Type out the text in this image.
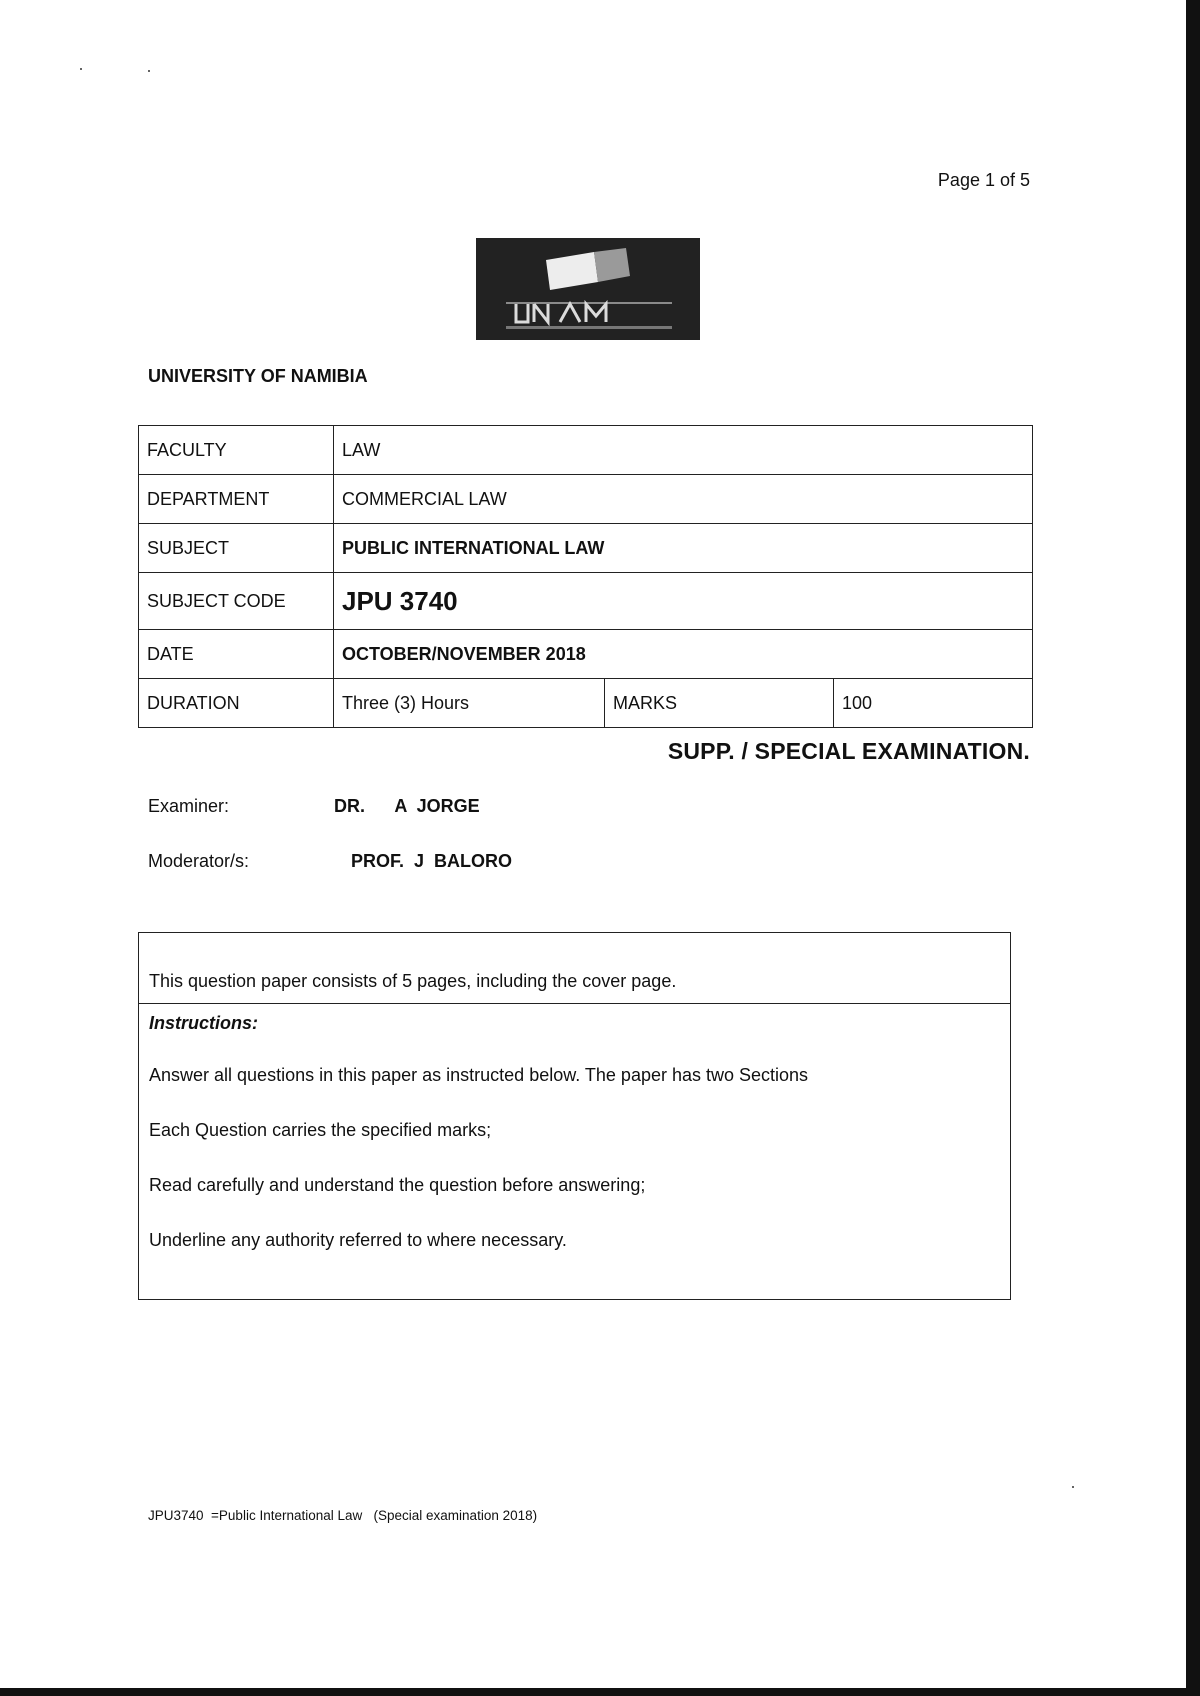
Page 1 of 5
UNIVERSITY OF NAMIBIA
FACULTY	LAW		
DEPARTMENT	COMMERCIAL LAW		
SUBJECT	PUBLIC INTERNATIONAL LAW		
SUBJECT CODE	JPU 3740		
DATE	OCTOBER/NOVEMBER 2018		
DURATION	Three (3) Hours	MARKS	100
SUPP. / SPECIAL EXAMINATION.
Examiner:	DR.      A  JORGE
Moderator/s:	PROF.  J  BALORO
This question paper consists of 5 pages, including the cover page.
Instructions:
Answer all questions in this paper as instructed below. The paper has two Sections
Each Question carries the specified marks;
Read carefully and understand the question before answering;
Underline any authority referred to where necessary.
JPU3740  =Public International Law   (Special examination 2018)
